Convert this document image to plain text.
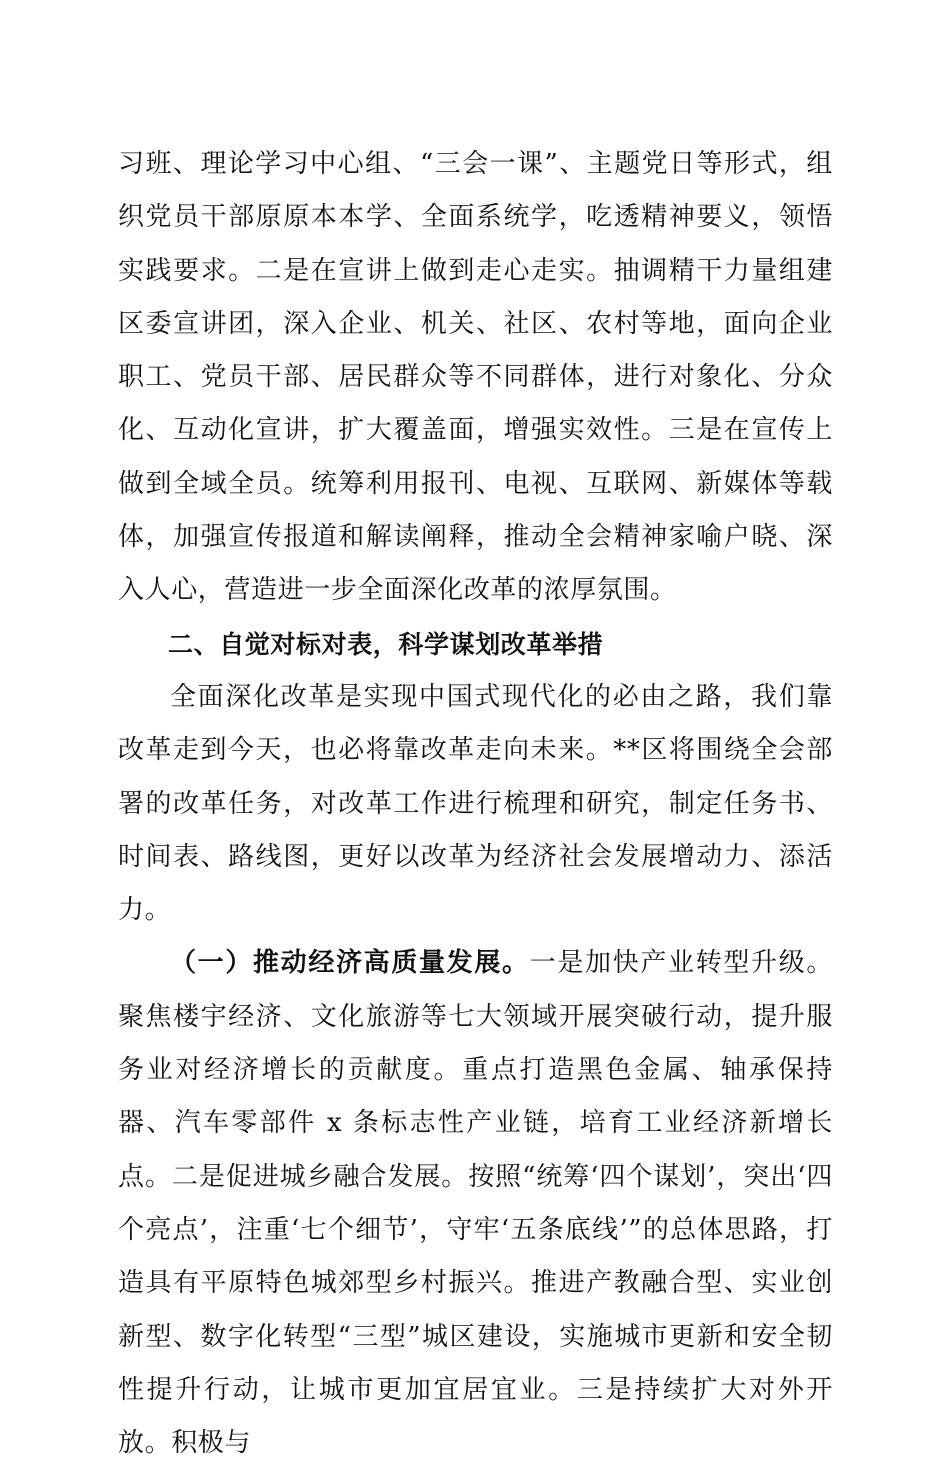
习班、理论学习中心组、“三会一课”、主题党日等形式，组织党员干部原原本本学、全面系统学，吃透精神要义，领悟实践要求。二是在宣讲上做到走心走实。抽调精干力量组建区委宣讲团，深入企业、机关、社区、农村等地，面向企业职工、党员干部、居民群众等不同群体，进行对象化、分众化、互动化宣讲，扩大覆盖面，增强实效性。三是在宣传上做到全域全员。统筹利用报刊、电视、互联网、新媒体等载体，加强宣传报道和解读阐释，推动全会精神家喻户晓、深入人心，营造进一步全面深化改革的浓厚氛围。

二、自觉对标对表，科学谋划改革举措

全面深化改革是实现中国式现代化的必由之路，我们靠改革走到今天，也必将靠改革走向未来。**区将围绕全会部署的改革任务，对改革工作进行梳理和研究，制定任务书、时间表、路线图，更好以改革为经济社会发展增动力、添活力。

（一）推动经济高质量发展。一是加快产业转型升级。聚焦楼宇经济、文化旅游等七大领域开展突破行动，提升服务业对经济增长的贡献度。重点打造黑色金属、轴承保持器、汽车零部件 x 条标志性产业链，培育工业经济新增长点。二是促进城乡融合发展。按照“统筹‘四个谋划’，突出‘四个亮点’，注重‘七个细节’，守牢‘五条底线’”的总体思路，打造具有平原特色城郊型乡村振兴。推进产教融合型、实业创新型、数字化转型“三型”城区建设，实施城市更新和安全韧性提升行动，让城市更加宜居宜业。三是持续扩大对外开放。积极与
